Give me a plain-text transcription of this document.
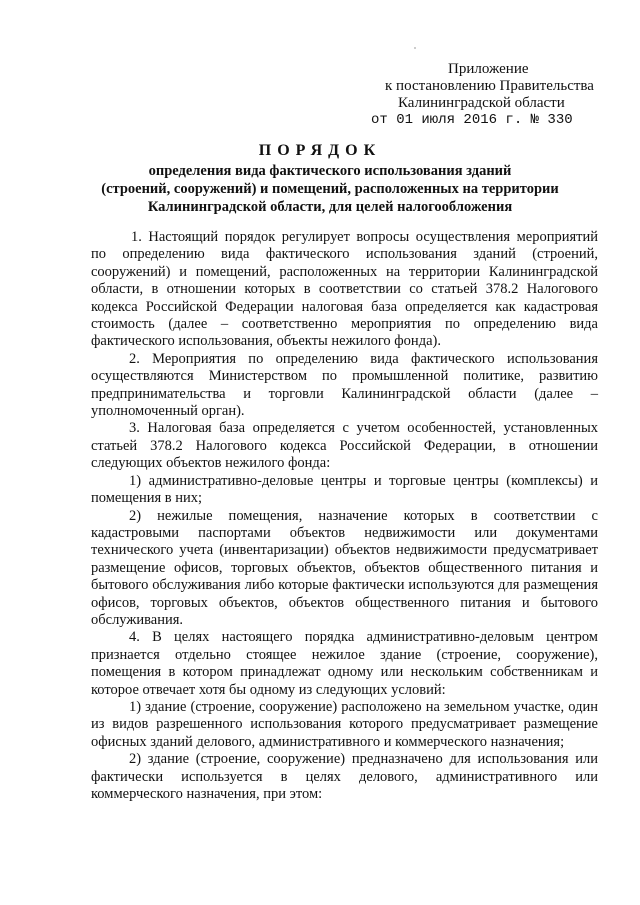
Приложение
к постановлению Правительства
Калининградской области
от 01 июля 2016 г. № 330
ПОРЯДОК
определения вида фактического использования зданий
(строений, сооружений) и помещений, расположенных на территории
Калининградской области, для целей налогообложения

1. Настоящий порядок регулирует вопросы осуществления мероприятий по определению вида фактического использования зданий (строений, сооружений) и помещений, расположенных на территории Калининградской области, в отношении которых в соответствии со статьей 378.2 Налогового кодекса Российской Федерации налоговая база определяется как кадастровая стоимость (далее – соответственно мероприятия по определению вида фактического использования, объекты нежилого фонда).

2. Мероприятия по определению вида фактического использования осуществляются Министерством по промышленной политике, развитию предпринимательства и торговли Калининградской области (далее – уполномоченный орган).

3. Налоговая база определяется с учетом особенностей, установленных статьей 378.2 Налогового кодекса Российской Федерации, в отношении следующих объектов нежилого фонда:

1) административно-деловые центры и торговые центры (комплексы) и помещения в них;

2) нежилые помещения, назначение которых в соответствии с кадастровыми паспортами объектов недвижимости или документами технического учета (инвентаризации) объектов недвижимости предусматривает размещение офисов, торговых объектов, объектов общественного питания и бытового обслуживания либо которые фактически используются для размещения офисов, торговых объектов, объектов общественного питания и бытового обслуживания.

4. В целях настоящего порядка административно-деловым центром признается отдельно стоящее нежилое здание (строение, сооружение), помещения в котором принадлежат одному или нескольким собственникам и которое отвечает хотя бы одному из следующих условий:

1) здание (строение, сооружение) расположено на земельном участке, один из видов разрешенного использования которого предусматривает размещение офисных зданий делового, административного и коммерческого назначения;

2) здание (строение, сооружение) предназначено для использования или фактически используется в целях делового, административного или коммерческого назначения, при этом:
